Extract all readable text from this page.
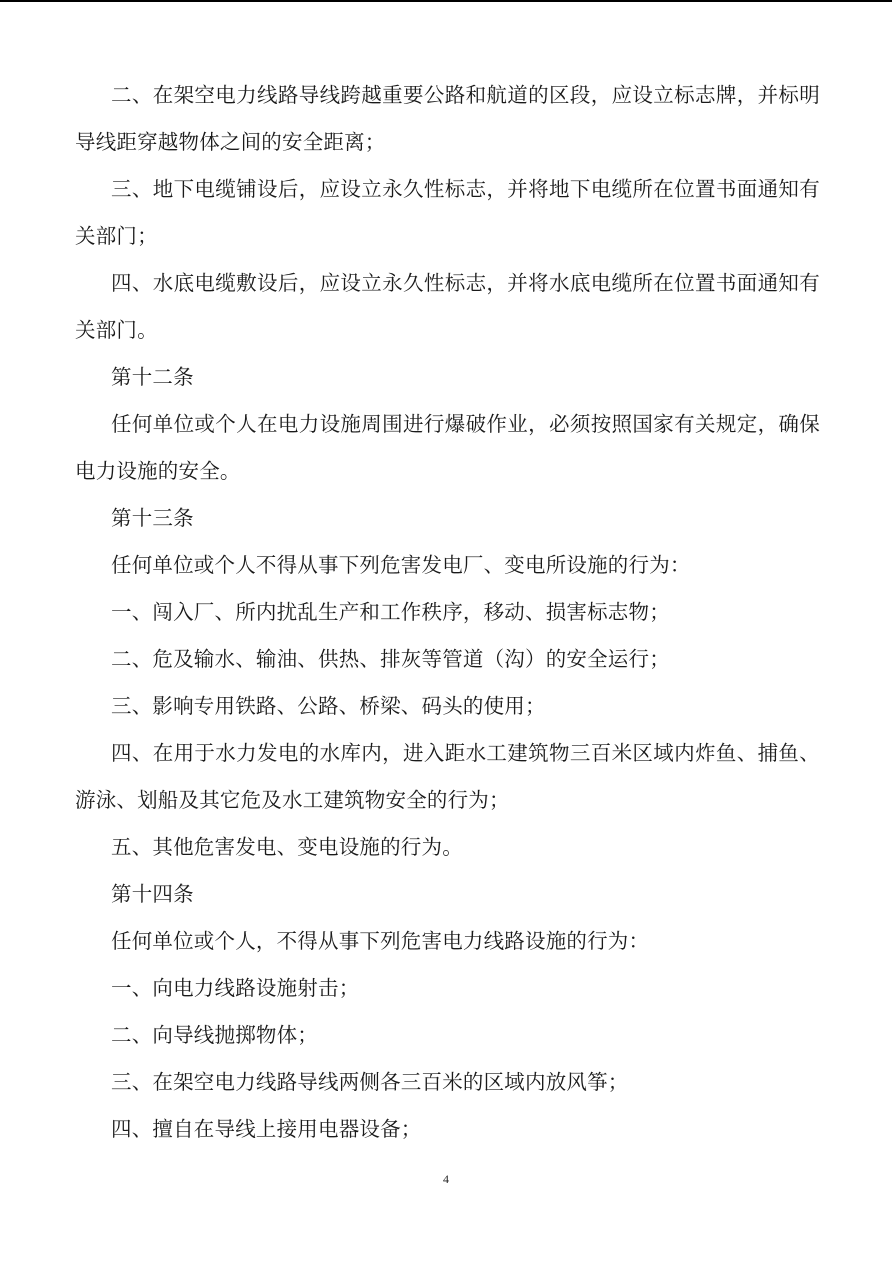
二、在架空电力线路导线跨越重要公路和航道的区段，应设立标志牌，并标明导线距穿越物体之间的安全距离；

三、地下电缆铺设后，应设立永久性标志，并将地下电缆所在位置书面通知有关部门；

四、水底电缆敷设后，应设立永久性标志，并将水底电缆所在位置书面通知有关部门。

第十二条

任何单位或个人在电力设施周围进行爆破作业，必须按照国家有关规定，确保电力设施的安全。

第十三条

任何单位或个人不得从事下列危害发电厂、变电所设施的行为：

一、闯入厂、所内扰乱生产和工作秩序，移动、损害标志物；

二、危及输水、输油、供热、排灰等管道（沟）的安全运行；

三、影响专用铁路、公路、桥梁、码头的使用；

四、在用于水力发电的水库内，进入距水工建筑物三百米区域内炸鱼、捕鱼、游泳、划船及其它危及水工建筑物安全的行为；

五、其他危害发电、变电设施的行为。

第十四条

任何单位或个人，不得从事下列危害电力线路设施的行为：

一、向电力线路设施射击；

二、向导线抛掷物体；

三、在架空电力线路导线两侧各三百米的区域内放风筝；

四、擅自在导线上接用电器设备；

4
